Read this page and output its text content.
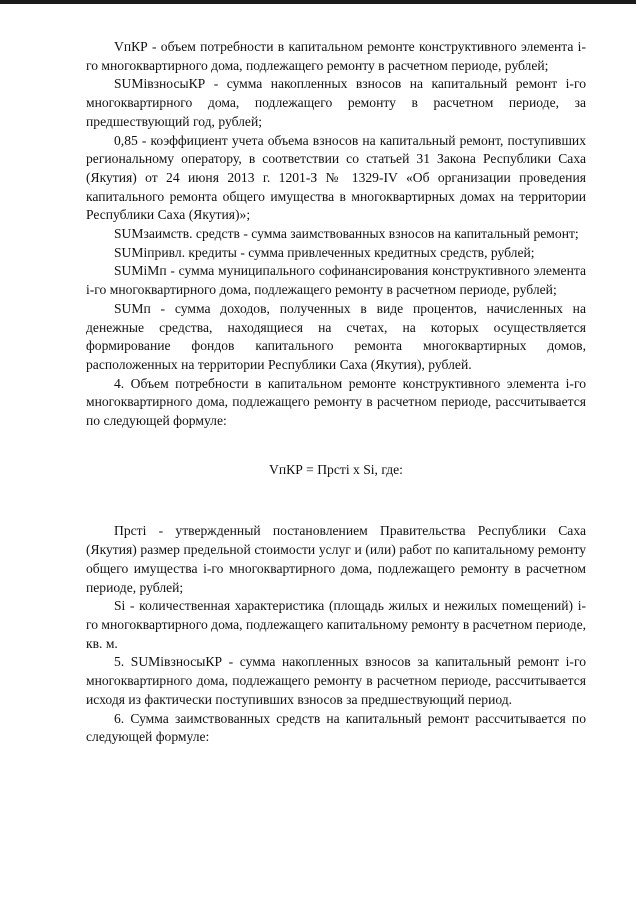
VпКР - объем потребности в капитальном ремонте конструктивного элемента i-го многоквартирного дома, подлежащего ремонту в расчетном периоде, рублей;

SUMiвзносыКР - сумма накопленных взносов на капитальный ремонт i-го многоквартирного дома, подлежащего ремонту в расчетном периоде, за предшествующий год, рублей;

0,85 - коэффициент учета объема взносов на капитальный ремонт, поступивших региональному оператору, в соответствии со статьей 31 Закона Республики Саха (Якутия) от 24 июня 2013 г. 1201-З № 1329-IV «Об организации проведения капитального ремонта общего имущества в многоквартирных домах на территории Республики Саха (Якутия)»;

SUMзаимств. средств - сумма заимствованных взносов на капитальный ремонт;

SUMiпривл. кредиты - сумма привлеченных кредитных средств, рублей;

SUMiМп - сумма муниципального софинансирования конструктивного элемента i-го многоквартирного дома, подлежащего ремонту в расчетном периоде, рублей;

SUMп - сумма доходов, полученных в виде процентов, начисленных на денежные средства, находящиеся на счетах, на которых осуществляется формирование фондов капитального ремонта многоквартирных домов, расположенных на территории Республики Саха (Якутия), рублей.

4. Объем потребности в капитальном ремонте конструктивного элемента i-го многоквартирного дома, подлежащего ремонту в расчетном периоде, рассчитывается по следующей формуле:

VпКР = Прстi x Si, где:

Прстi - утвержденный постановлением Правительства Республики Саха (Якутия) размер предельной стоимости услуг и (или) работ по капитальному ремонту общего имущества i-го многоквартирного дома, подлежащего ремонту в расчетном периоде, рублей;

Si - количественная характеристика (площадь жилых и нежилых помещений) i-го многоквартирного дома, подлежащего капитальному ремонту в расчетном периоде, кв. м.

5. SUMiвзносыКР - сумма накопленных взносов за капитальный ремонт i-го многоквартирного дома, подлежащего ремонту в расчетном периоде, рассчитывается исходя из фактически поступивших взносов за предшествующий период.

6. Сумма заимствованных средств на капитальный ремонт рассчитывается по следующей формуле:
